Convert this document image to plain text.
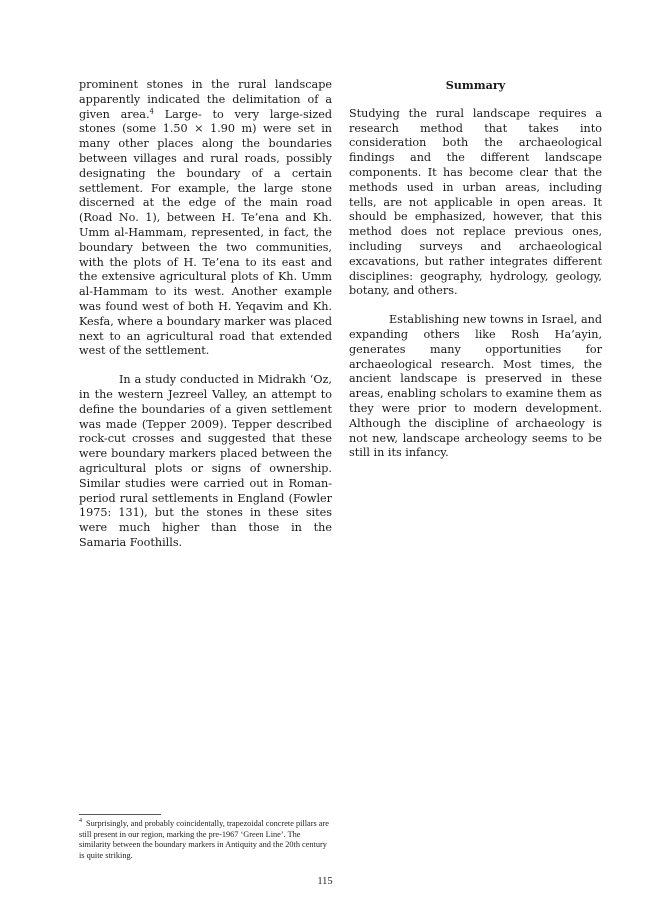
prominent stones in the rural landscape apparently indicated the delimitation of a given area.$^4$ Large- to very large-sized stones (some 1.50 × 1.90 m) were set in many other places along the boundaries between villages and rural roads, possibly designating the boundary of a certain settlement. For example, the large stone discerned at the edge of the main road (Road No. 1), between H. Te’ena and Kh. Umm al-Hammam, represented, in fact, the boundary between the two communities, with the plots of H. Te’ena to its east and the extensive agricultural plots of Kh. Umm al-Hammam to its west. Another example was found west of both H. Yeqavim and Kh. Kesfa, where a boundary marker was placed next to an agricultural road that extended west of the settlement.

In a study conducted in Midrakh ‘Oz, in the western Jezreel Valley, an attempt to define the boundaries of a given settlement was made (Tepper 2009). Tepper described rock-cut crosses and suggested that these were boundary markers placed between the agricultural plots or signs of ownership. Similar studies were carried out in Roman-period rural settlements in England (Fowler 1975: 131), but the stones in these sites were much higher than those in the Samaria Foothills.

Summary

Studying the rural landscape requires a research method that takes into consideration both the archaeological findings and the different landscape components. It has become clear that the methods used in urban areas, including tells, are not applicable in open areas. It should be emphasized, however, that this method does not replace previous ones, including surveys and archaeological excavations, but rather integrates different disciplines: geography, hydrology, geology, botany, and others.

Establishing new towns in Israel, and expanding others like Rosh Ha‘ayin, generates many opportunities for archaeological research. Most times, the ancient landscape is preserved in these areas, enabling scholars to examine them as they were prior to modern development. Although the discipline of archaeology is not new, landscape archeology seems to be still in its infancy.

$^4$ Surprisingly, and probably coincidentally, trapezoidal concrete pillars are still present in our region, marking the pre-1967 ‘Green Line’. The similarity between the boundary markers in Antiquity and the 20th century is quite striking.
115
